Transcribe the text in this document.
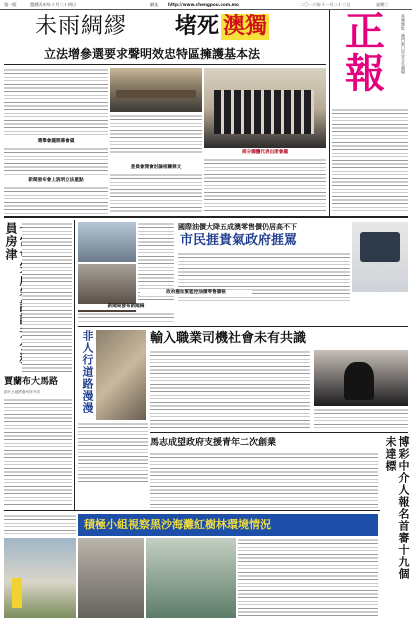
第一版	農曆丙申年十月二十四日	網址 http://www.chengpou.com.mo	二〇一六年十一月二十三日	星期三
未雨綢繆 堵死 澳獨
立法增參選要求聲明效忠特區擁護基本法	正
報	本報地址：澳門新口岸宋玉生廣場
選舉會議開幕會儀
新聞發布會上說明立法重點
委員會開會討論相關條文
部分團體代表出席會議
員房津
賈蘭布大馬路
兩片土地將會有所不同
新聞局發布新聞稿
國際油價大降五成澳零售價仍居高不下
市民捱貴氣政府捱罵
政府應加緊監控油價零售價格
輸入職業司機社會未有共識
非人行道路漫漫
馬志成望政府支援青年二次創業	博彩中介人報名首審十九個未達標
積極小組視察黑沙海灘紅樹林環境情況
